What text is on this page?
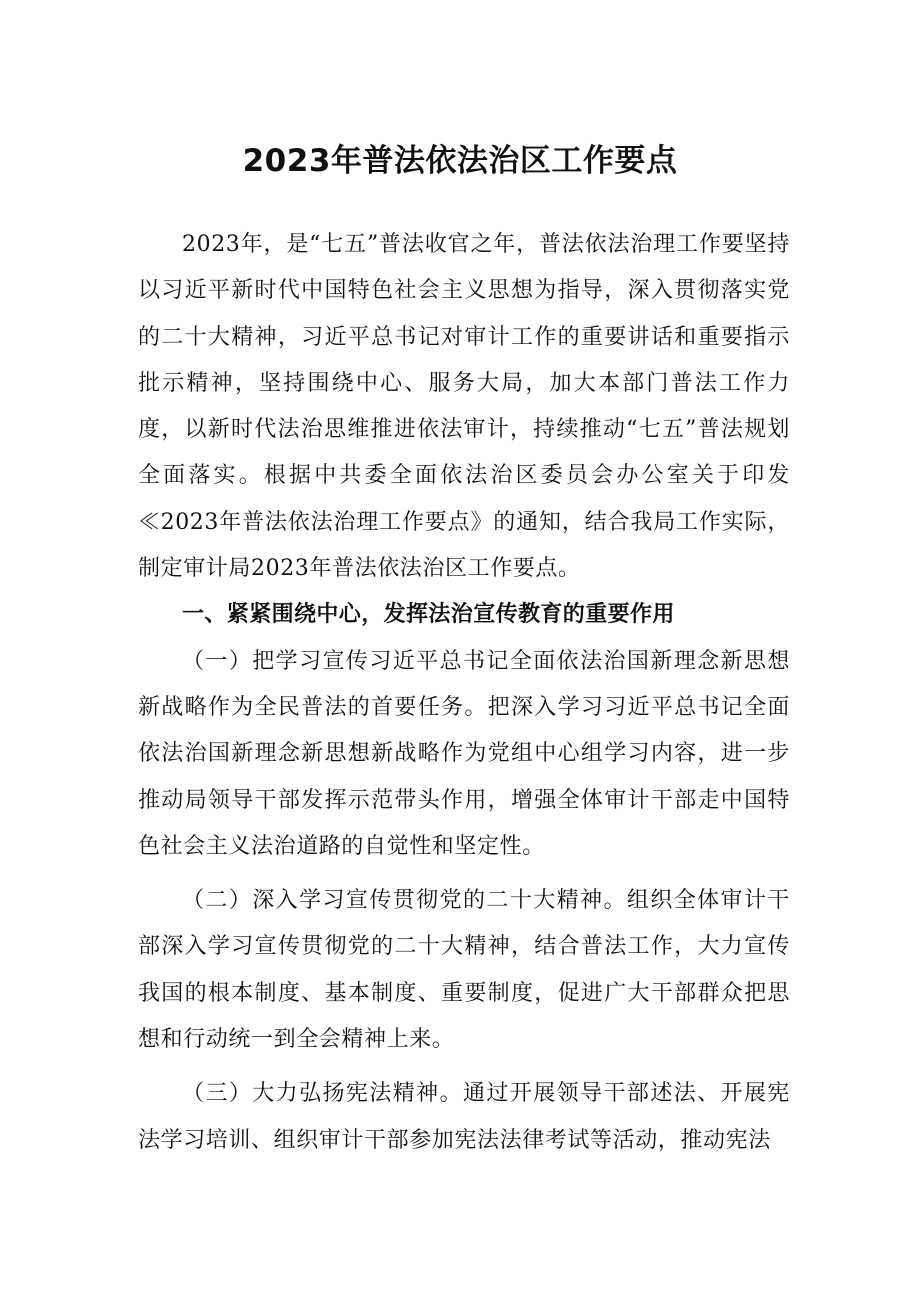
2023年普法依法治区工作要点

2023年，是“七五”普法收官之年，普法依法治理工作要坚持以习近平新时代中国特色社会主义思想为指导，深入贯彻落实党的二十大精神，习近平总书记对审计工作的重要讲话和重要指示批示精神，坚持围绕中心、服务大局，加大本部门普法工作力度，以新时代法治思维推进依法审计，持续推动“七五”普法规划全面落实。根据中共委全面依法治区委员会办公室关于印发≪2023年普法依法治理工作要点》的通知，结合我局工作实际，制定审计局2023年普法依法治区工作要点。

一、紧紧围绕中心，发挥法治宣传教育的重要作用

（一）把学习宣传习近平总书记全面依法治国新理念新思想新战略作为全民普法的首要任务。把深入学习习近平总书记全面依法治国新理念新思想新战略作为党组中心组学习内容，进一步推动局领导干部发挥示范带头作用，增强全体审计干部走中国特色社会主义法治道路的自觉性和坚定性。

（二）深入学习宣传贯彻党的二十大精神。组织全体审计干部深入学习宣传贯彻党的二十大精神，结合普法工作，大力宣传我国的根本制度、基本制度、重要制度，促进广大干部群众把思想和行动统一到全会精神上来。

（三）大力弘扬宪法精神。通过开展领导干部述法、开展宪法学习培训、组织审计干部参加宪法法律考试等活动，推动宪法
